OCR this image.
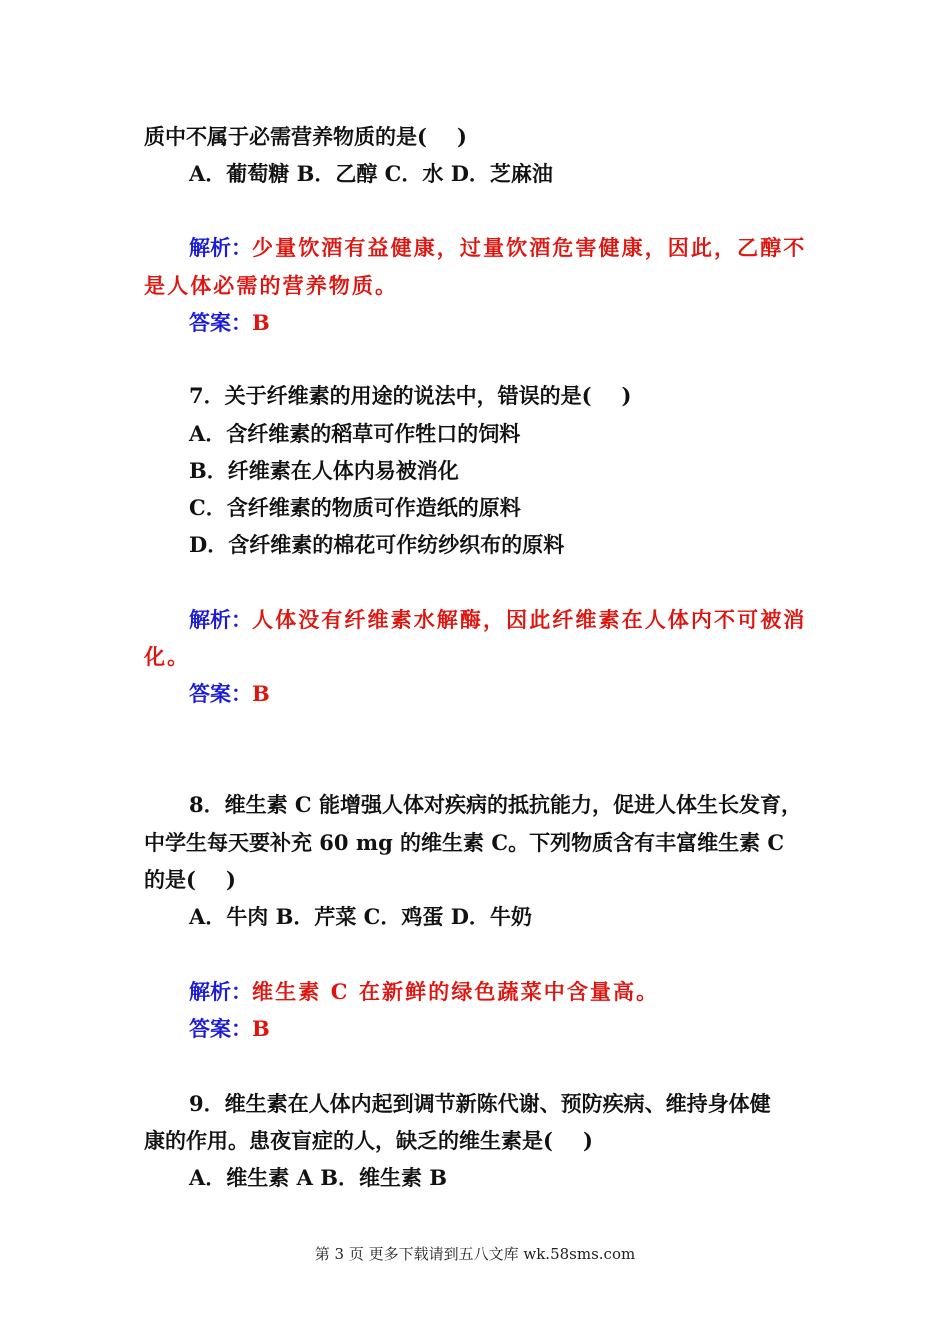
质中不属于必需营养物质的是( )
A．葡萄糖 B．乙醇 C．水 D．芝麻油
解析：少量饮酒有益健康，过量饮酒危害健康，因此，乙醇不
是人体必需的营养物质。
答案：B
7．关于纤维素的用途的说法中，错误的是( )
A．含纤维素的稻草可作牲口的饲料
B．纤维素在人体内易被消化
C．含纤维素的物质可作造纸的原料
D．含纤维素的棉花可作纺纱织布的原料
解析：人体没有纤维素水解酶，因此纤维素在人体内不可被消
化。
答案：B
8．维生素 C 能增强人体对疾病的抵抗能力，促进人体生长发育，
中学生每天要补充 60 mg 的维生素 C。下列物质含有丰富维生素 C
的是( )
A．牛肉 B．芹菜 C．鸡蛋 D．牛奶
解析：维生素 C 在新鲜的绿色蔬菜中含量高。
答案：B
9．维生素在人体内起到调节新陈代谢、预防疾病、维持身体健
康的作用。患夜盲症的人，缺乏的维生素是( )
A．维生素 A B．维生素 B
第 3 页 更多下载请到五八文库 wk.58sms.com
